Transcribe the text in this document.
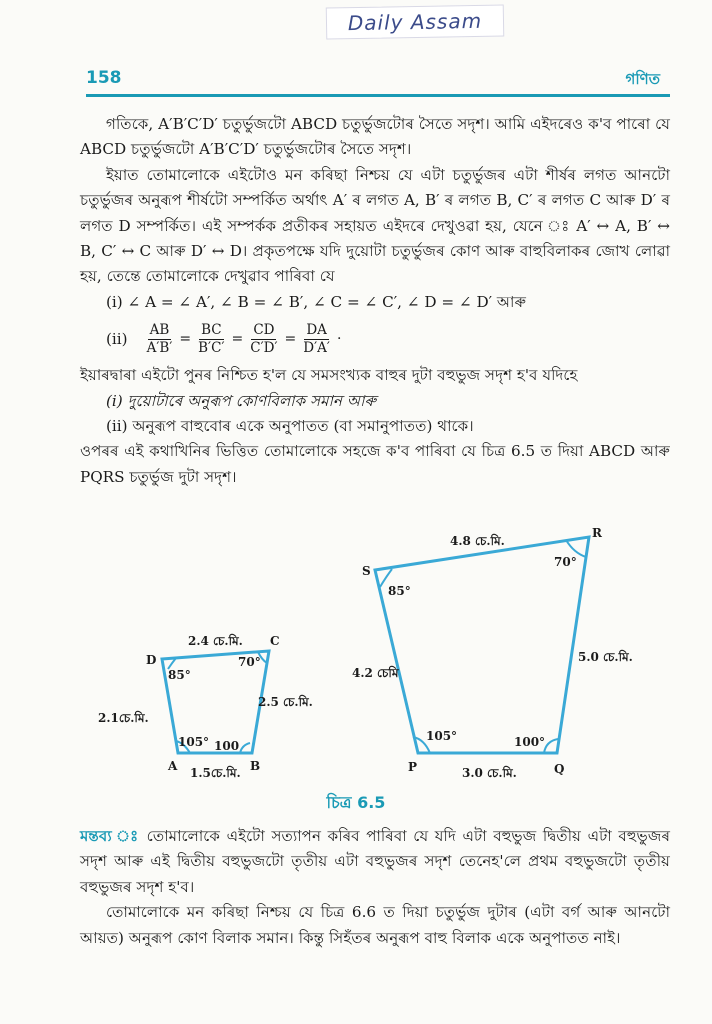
Daily Assam
158	গণিত

গতিকে, A′B′C′D′ চতুৰ্ভুজটো ABCD চতুৰ্ভুজটোৰ সৈতে সদৃশ। আমি এইদৰেও ক'ব পাৰো যে ABCD চতুৰ্ভুজটো A′B′C′D′ চতুৰ্ভুজটোৰ সৈতে সদৃশ।

ইয়াত তোমালোকে এইটোও মন কৰিছা নিশ্চয় যে এটা চতুৰ্ভুজৰ এটা শীৰ্ষৰ লগত আনটো চতুৰ্ভুজৰ অনুৰূপ শীৰ্ষটো সম্পৰ্কিত অৰ্থাৎ A′ ৰ লগত A, B′ ৰ লগত B, C′ ৰ লগত C আৰু D′ ৰ লগত D সম্পৰ্কিত। এই সম্পৰ্কক প্ৰতীকৰ সহায়ত এইদৰে দেখুওৱা হয়, যেনে ঃ A′ ↔ A, B′ ↔ B, C′ ↔ C আৰু D′ ↔ D। প্ৰকৃতপক্ষে যদি দুয়োটা চতুৰ্ভুজৰ কোণ আৰু বাহুবিলাকৰ জোখ লোৱা হয়, তেন্তে তোমালোকে দেখুৱাব পাৰিবা যে

(i) ∠ A = ∠ A′, ∠ B = ∠ B′, ∠ C = ∠ C′, ∠ D = ∠ D′ আৰু

$(ii) \frac{AB}{A'B'} = \frac{BC}{B'C'} = \frac{CD}{C'D'} = \frac{DA}{D'A'}$ ·

ইয়াৰদ্বাৰা এইটো পুনৰ নিশ্চিত হ'ল যে সমসংখ্যক বাহুৰ দুটা বহুভুজ সদৃশ হ'ব যদিহে

(i) দুয়োটাৰে অনুৰূপ কোণবিলাক সমান আৰু

(ii) অনুৰূপ বাহুবোৰ একে অনুপাতত (বা সমানুপাতত) থাকে।

ওপৰৰ এই কথাখিনিৰ ভিত্তিত তোমালোকে সহজে ক'ব পাৰিবা যে চিত্ৰ 6.5 ত দিয়া ABCD আৰু PQRS চতুৰ্ভুজ দুটা সদৃশ।

D
C
A	B
2.4 চে.মি.
2.5 চে.মি.
2.1চে.মি.
1.5চে.মি.
85°
70°
105° 100
S
R
P	Q
4.8 চে.মি.
5.0 চে.মি.
4.2 চেমি
3.0 চে.মি.
85°
70°
105°	100°
চিত্ৰ 6.5

মন্তব্য ঃ তোমালোকে এইটো সত্যাপন কৰিব পাৰিবা যে যদি এটা বহুভুজ দ্বিতীয় এটা বহুভুজৰ সদৃশ আৰু এই দ্বিতীয় বহুভুজটো তৃতীয় এটা বহুভুজৰ সদৃশ তেনেহ'লে প্ৰথম বহুভুজটো তৃতীয় বহুভুজৰ সদৃশ হ'ব।

তোমালোকে মন কৰিছা নিশ্চয় যে চিত্ৰ 6.6 ত দিয়া চতুৰ্ভুজ দুটাৰ (এটা বৰ্গ আৰু আনটো আয়ত) অনুৰূপ কোণ বিলাক সমান। কিন্তু সিহঁতৰ অনুৰূপ বাহু বিলাক একে অনুপাতত নাই।
